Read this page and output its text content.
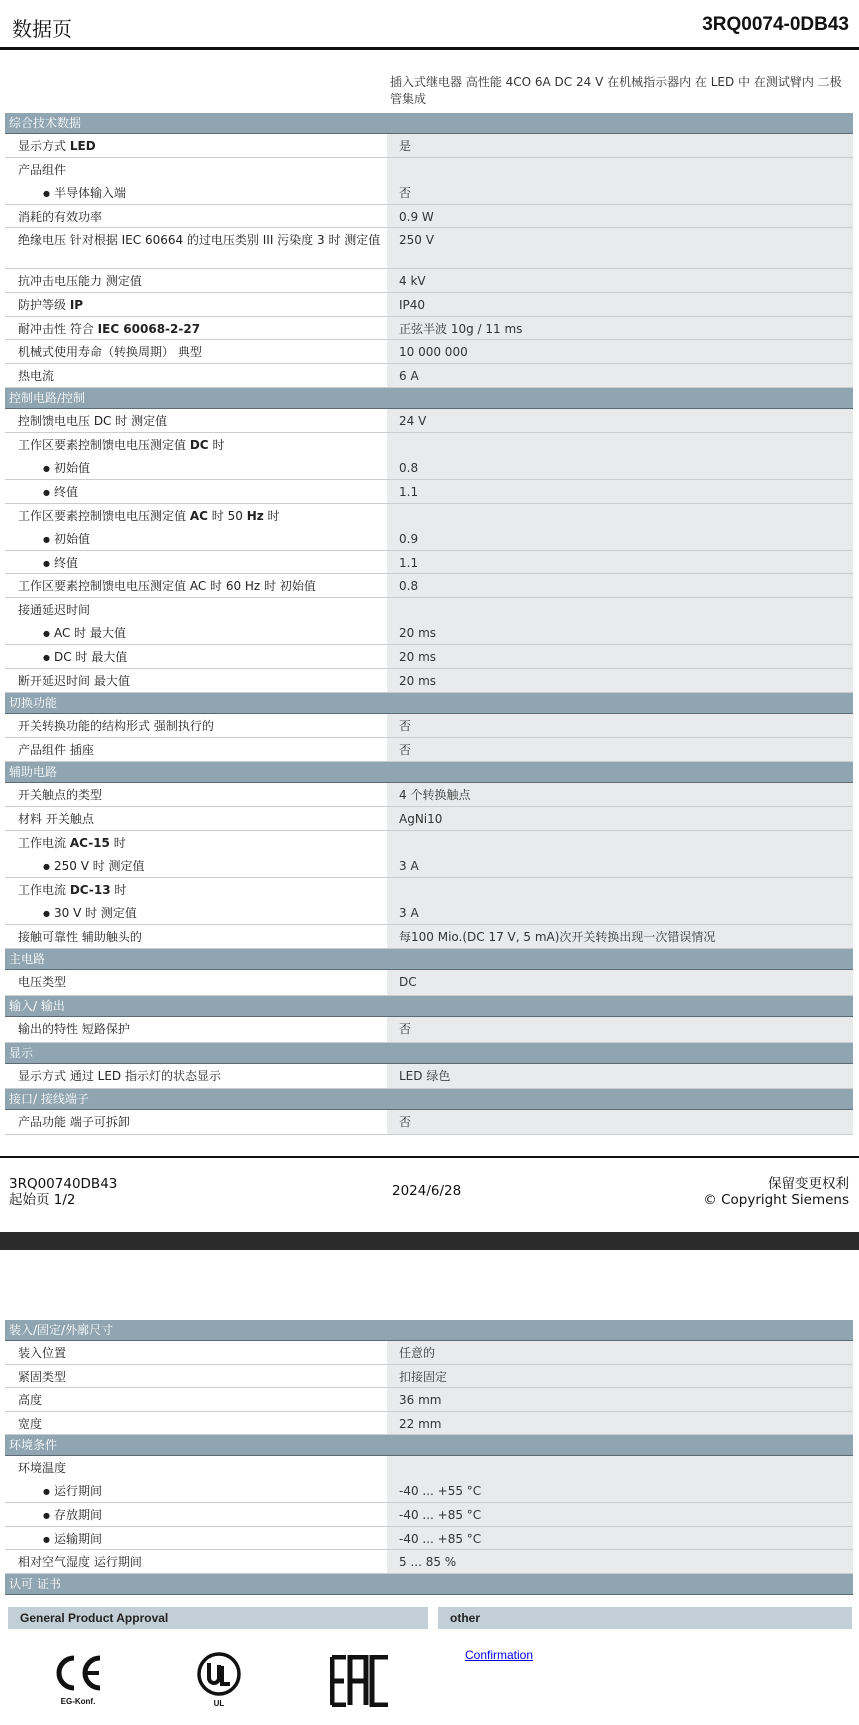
数据页	3RQ0074-0DB43
插入式继电器 高性能 4CO 6A DC 24 V 在机械指示器内 在 LED 中 在测试臂内 二极管集成
综合技术数据
显示方式 LED	是
产品组件
● 半导体输入端	否
消耗的有效功率	0.9 W
绝缘电压 针对根据 IEC 60664 的过电压类别 III 污染度 3 时 测定值	250 V
抗冲击电压能力 测定值	4 kV
防护等级 IP	IP40
耐冲击性 符合 IEC 60068-2-27	正弦半波 10g / 11 ms
机械式使用寿命（转换周期） 典型	10 000 000
热电流	6 A
控制电路/控制
控制馈电电压 DC 时 测定值	24 V
工作区要素控制馈电电压测定值 DC 时
● 初始值	0.8
● 终值	1.1
工作区要素控制馈电电压测定值 AC 时 50 Hz 时
● 初始值	0.9
● 终值	1.1
工作区要素控制馈电电压测定值 AC 时 60 Hz 时 初始值	0.8
接通延迟时间
● AC 时 最大值	20 ms
● DC 时 最大值	20 ms
断开延迟时间 最大值	20 ms
切换功能
开关转换功能的结构形式 强制执行的	否
产品组件 插座	否
辅助电路
开关触点的类型	4 个转换触点
材料 开关触点	AgNi10
工作电流 AC-15 时
● 250 V 时 测定值	3 A
工作电流 DC-13 时
● 30 V 时 测定值	3 A
接触可靠性 辅助触头的	每100 Mio.(DC 17 V, 5 mA)次开关转换出现一次错误情况
主电路
电压类型	DC
输入/ 输出
输出的特性 短路保护	否
显示
显示方式 通过 LED 指示灯的状态显示	LED 绿色
接口/ 接线端子
产品功能 端子可拆卸	否
3RQ00740DB43
起始页 1/2
2024/6/28	保留变更权利
© Copyright Siemens
装入/固定/外廓尺寸
装入位置	任意的
紧固类型	扣接固定
高度	36 mm
宽度	22 mm
环境条件
环境温度
● 运行期间	-40 ... +55 °C
● 存放期间	-40 ... +85 °C
● 运输期间	-40 ... +85 °C
相对空气湿度 运行期间	5 ... 85 %
认可 证书
General Product Approval	other
EG-Konf.	UL
Confirmation
